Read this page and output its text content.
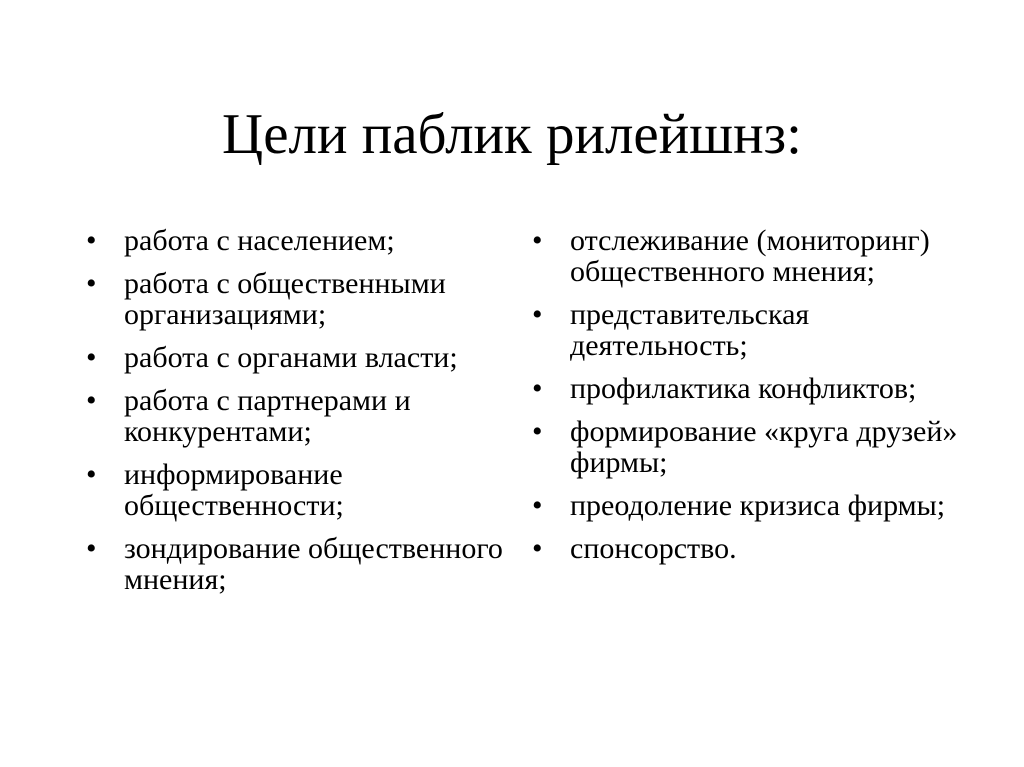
Цели паблик рилейшнз:
• работа с населением;
• работа с общественными организациями;
• работа с органами власти;
• работа с партнерами и конкурентами;
• информирование общественности;
• зондирование общественного мнения;
• отслеживание (мониторинг) общественного мнения;
• представительская деятельность;
• профилактика конфликтов;
• формирование «круга друзей» фирмы;
• преодоление кризиса фирмы;
• спонсорство.
